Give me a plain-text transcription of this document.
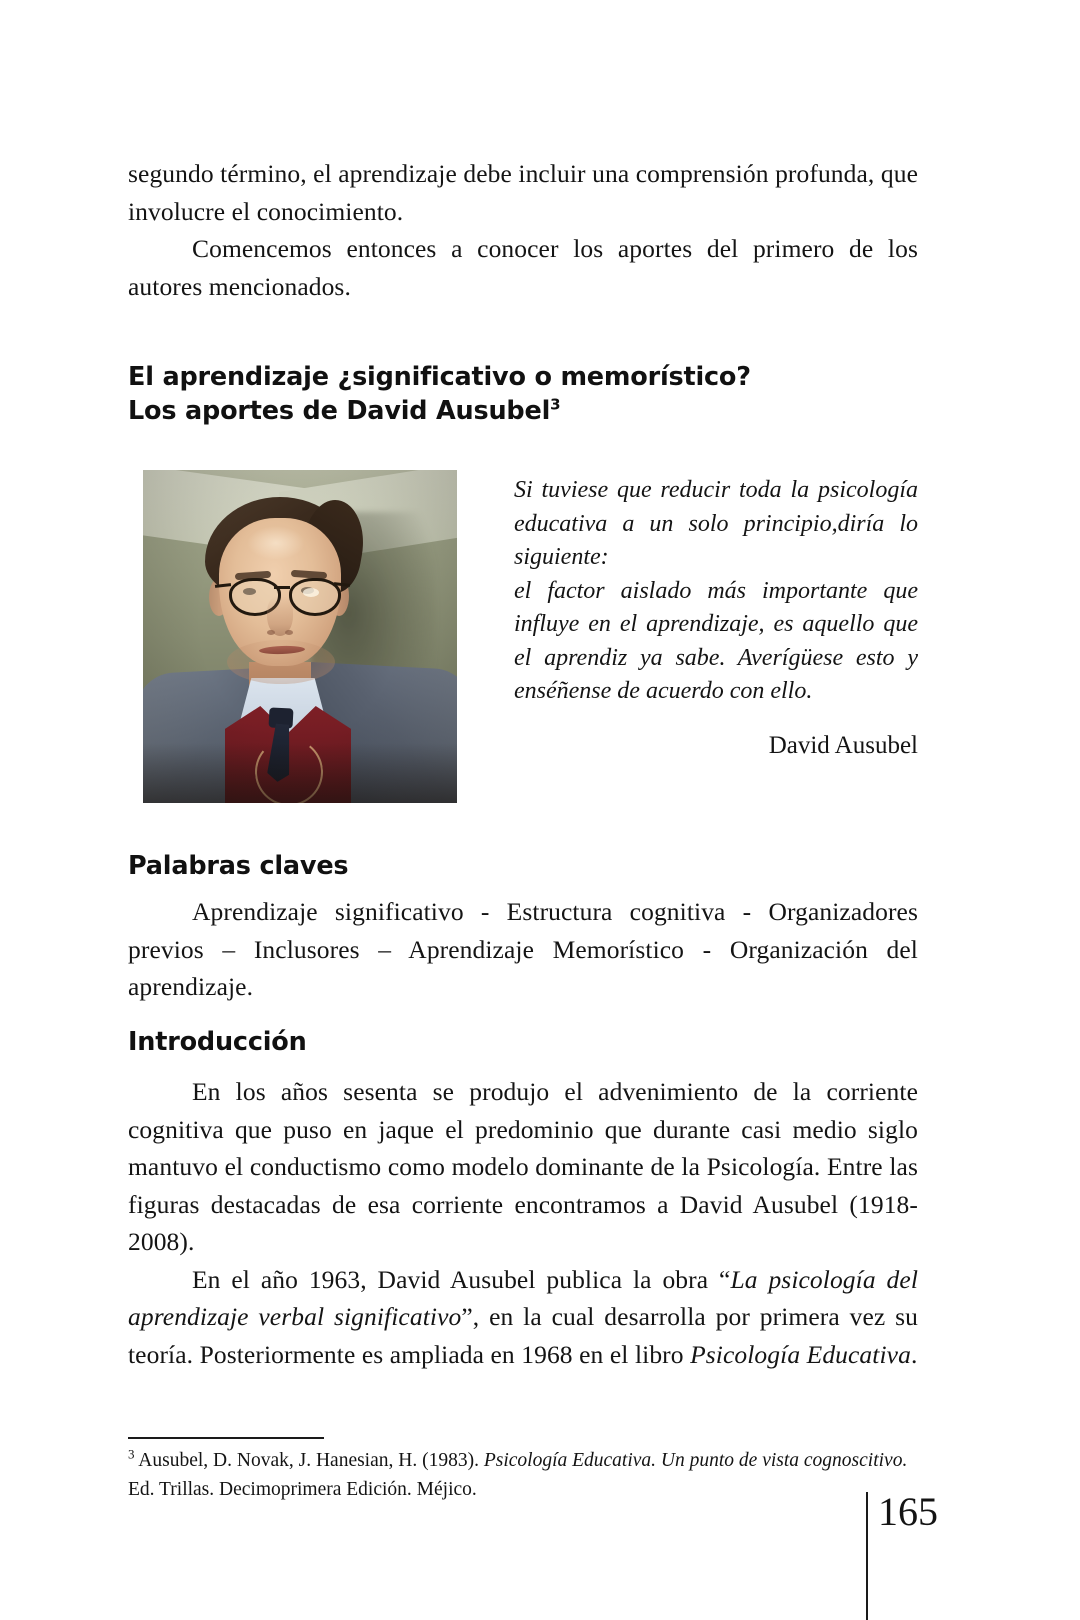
segundo término, el aprendizaje debe incluir una comprensión profunda, que involucre el conocimiento.

Comencemos entonces a conocer los aportes del primero de los autores mencionados.

El aprendizaje ¿significativo o memorístico?
Los aportes de David Ausubel$^3$

Si tuviese que reducir toda la psicología educativa a un solo principio,diría lo siguiente:

el factor aislado más importante que influye en el aprendizaje, es aquello que el aprendiz ya sabe. Averígüese esto y enséñense de acuerdo con ello.

David Ausubel

Palabras claves

Aprendizaje significativo - Estructura cognitiva - Organizadores previos – Inclusores – Aprendizaje Memorístico - Organización del aprendizaje.

Introducción

En los años sesenta se produjo el advenimiento de la corriente cognitiva que puso en jaque el predominio que durante casi medio siglo mantuvo el conductismo como modelo dominante de la Psicología. Entre las figuras destacadas de esa corriente encontramos a David Ausubel (1918-2008).

En el año 1963, David Ausubel publica la obra “La psicología del aprendizaje verbal significativo”, en la cual desarrolla por primera vez su teoría. Posteriormente es ampliada en 1968 en el libro Psicología Educativa.

$^3$ Ausubel, D. Novak, J. Hanesian, H. (1983). Psicología Educativa. Un punto de vista cognoscitivo. Ed. Trillas. Decimoprimera Edición. Méjico.	165
